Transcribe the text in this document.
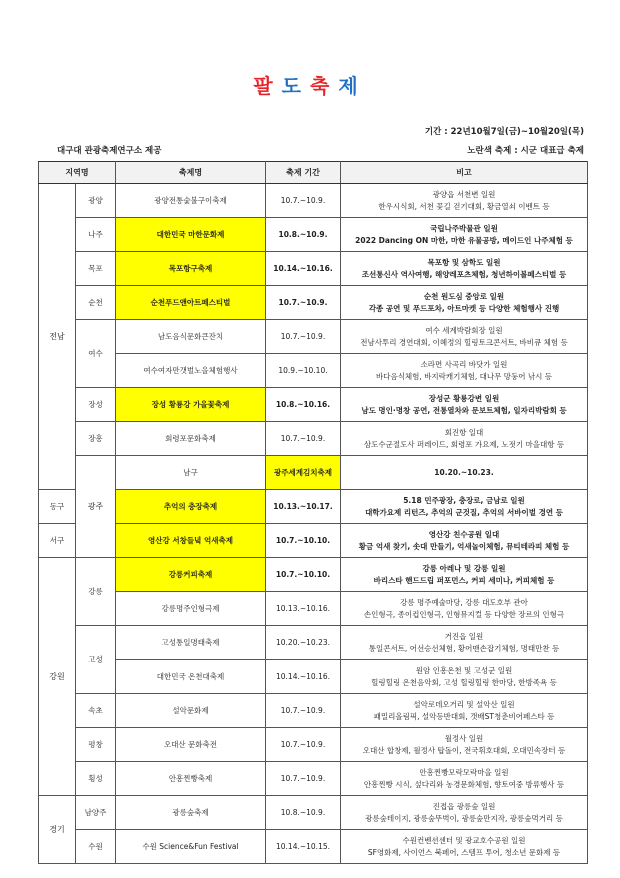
팔도축제
기간 : 22년10월7일(금)~10월20일(목)
대구대 관광축제연구소 제공	노란색 축제 : 시군 대표급 축제
지역명		축제명	축제 기간	비고	
전남	광양	광양전통숯불구이축제	10.7.~10.9.	광양읍 서천변 일원
한우시식회, 서천 꽃길 걷기대회, 황금열쇠 이벤트 등	

	나주	대한민국 마한문화제	10.8.~10.9.	국립나주박물관 일원
2022 Dancing ON 마한, 마한 유물공방, 메이드인 나주체험 등	

	목포	목포항구축제	10.14.~10.16.	목포항 및 삼학도 일원
조선통신사 역사여행, 해양레포츠체험, 청년하이볼페스티벌 등	

	순천	순천푸드앤아트페스티벌	10.7.~10.9.	순천 원도심 중앙로 일원
각종 공연 및 푸드포차, 아트마켓 등 다양한 체험행사 진행	

	여수	남도음식문화큰잔치	10.7.~10.9.	여수 세계박람회장 일원
전남사투리 경연대회, 이혜정의 힐링토크콘서트, 바비큐 체험 등	

		여수여자만갯벌노을체험행사	10.9.~10.10.	소라면 사곡리 바닷가 일원
바다음식체험, 바지락캐기체험, 대나무 망둥어 낚시 등	

	장성	장성 황룡강 가을꽃축제	10.8.~10.16.	장성군 황룡강변 일원
남도 명인·명창 공연, 전통열차와 문보트체험, 일자리박람회 등	

	장흥	회령포문화축제	10.7.~10.9.	회진항 일대
삼도수군절도사 퍼레이드, 회령포 가요제, 노젓기 마을대항 등	

	광주	남구	광주세계김치축제	10.20.~10.23.	

동구		추억의 충장축제	10.13.~10.17.	5.18 민주광장, 충장로, 금남로 일원
대학가요제 리턴즈, 추억의 군것질, 추억의 서바이벌 경연 등	

서구		영산강 서창들녘 억새축제	10.7.~10.10.	영산강 친수공원 일대
황금 억새 찾기, 솟대 만들기, 억새놀이체험, 뮤티테라피 체험 등	

강원	강릉	강릉커피축제	10.7.~10.10.	강릉 아레나 및 강릉 일원
바리스타 핸드드립 퍼포먼스, 커피 세미나, 커피체험 등	

		강릉명주인형극제	10.13.~10.16.	강릉 명주예술마당, 강릉 대도호부 관아
손인형극, 종이컵인형극, 인형뮤지컬 등 다양한 장르의 인형극	

	고성	고성통일명태축제	10.20.~10.23.	거진읍 일원
통일콘서트, 어선승선체험, 황어맨손잡기체험, 명태만찬 등	

		대한민국 온천대축제	10.14.~10.16.	원암 인흥온천 및 고성군 일원
힐링힐링 온천음악회, 고성 힐링힐링 한마당, 한방족욕 등	

	속초	설악문화제	10.7.~10.9.	설악로데오거리 및 설악산 일원
패밀리올림픽, 설악등반대회, 갯배ST청춘비어페스타 등	

	평창	오대산 문화축전	10.7.~10.9.	월정사 일원
오대산 합창제, 월정사 탑돌이, 전국휘호대회, 오대민속장터 등	

	횡성	안흥찐빵축제	10.7.~10.9.	안흥찐빵모락모락마을 일원
안흥찐빵 시식, 섶다리와 농경문화체험, 향토여중 방류행사 등	

경기	남양주	광릉숲축제	10.8.~10.9.	진접읍 광릉숲 일원
광릉숲테이지, 광릉숲뚜벅이, 광릉숲만지작, 광릉숲먹거리 등	

	수원	수원 Science&Fun Festival	10.14.~10.15.	수원컨벤션센터 및 광교호수공원 일원
SF영화제, 사이언스 북페어, 스템프 투어, 청소년 문화제 등	
